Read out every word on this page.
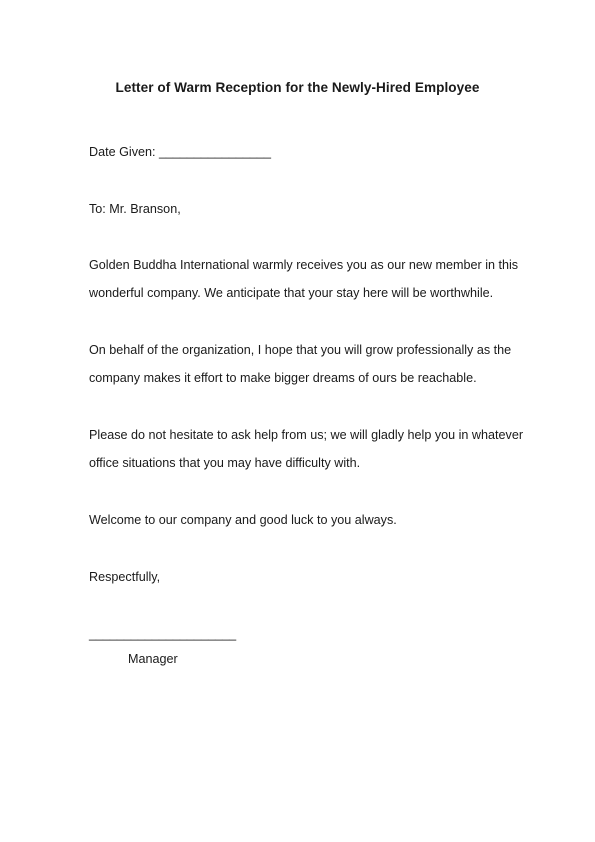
Letter of Warm Reception for the Newly-Hired Employee
Date Given: ________________
To: Mr. Branson,
Golden Buddha International warmly receives you as our new member in this
wonderful company. We anticipate that your stay here will be worthwhile.
On behalf of the organization, I hope that you will grow professionally as the
company makes it effort to make bigger dreams of ours be reachable.
Please do not hesitate to ask help from us; we will gladly help you in whatever
office situations that you may have difficulty with.
Welcome to our company and good luck to you always.
Respectfully,
_____________________
Manager
